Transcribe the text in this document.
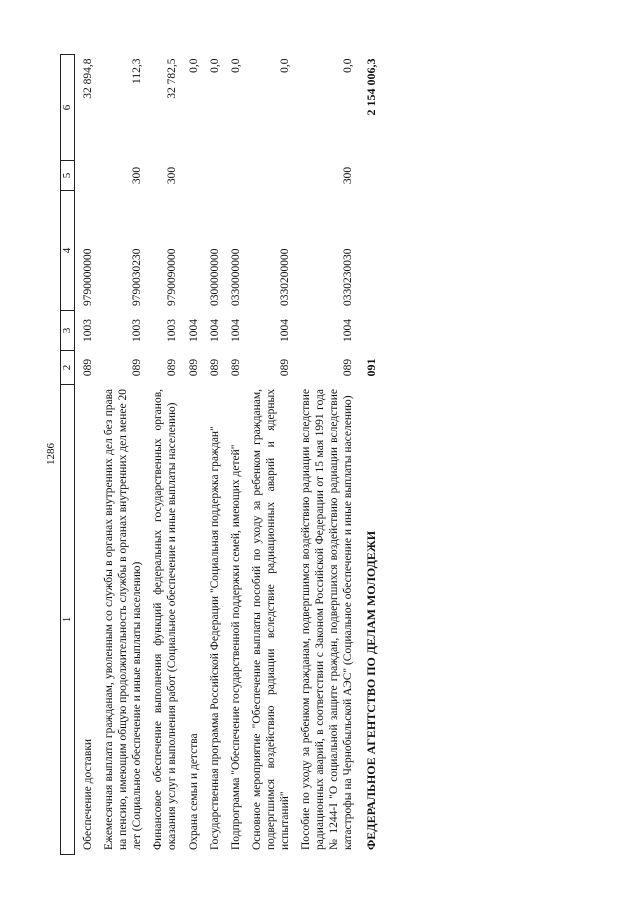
1286
1	2	3	4	5	6
Обеспечение доставки	089	1003	9790000000		32 894,8
Ежемесячная выплата гражданам, уволенным со службы в органах внутренних дел без права на пенсию, имеющим общую продолжительность службы в органах внутренних дел менее 20 лет (Социальное обеспечение и иные выплаты населению)	089	1003	9790030230	300	112,3
Финансовое обеспечение выполнения функций федеральных государственных органов, оказания услуг и выполнения работ (Социальное обеспечение и иные выплаты населению)	089	1003	9790090000	300	32 782,5
Охрана семьи и детства	089	1004			0,0
Государственная программа Российской Федерации "Социальная поддержка граждан"	089	1004	0300000000		0,0
Подпрограмма "Обеспечение государственной поддержки семей, имеющих детей"	089	1004	0330000000		0,0
Основное мероприятие "Обеспечение выплаты пособий по уходу за ребенком гражданам, подвергшимся воздействию радиации вследствие радиационных аварий и ядерных испытаний"	089	1004	0330200000		0,0
Пособие по уходу за ребенком гражданам, подвергшимся воздействию радиации вследствие радиационных аварий, в соответствии с Законом Российской Федерации от 15 мая 1991 года № 1244-I "О социальной защите граждан, подвергшихся воздействию радиации вследствие катастрофы на Чернобыльской АЭС" (Социальное обеспечение и иные выплаты населению)	089	1004	0330230030	300	0,0
ФЕДЕРАЛЬНОЕ АГЕНТСТВО ПО ДЕЛАМ МОЛОДЕЖИ	091				2 154 006,3
